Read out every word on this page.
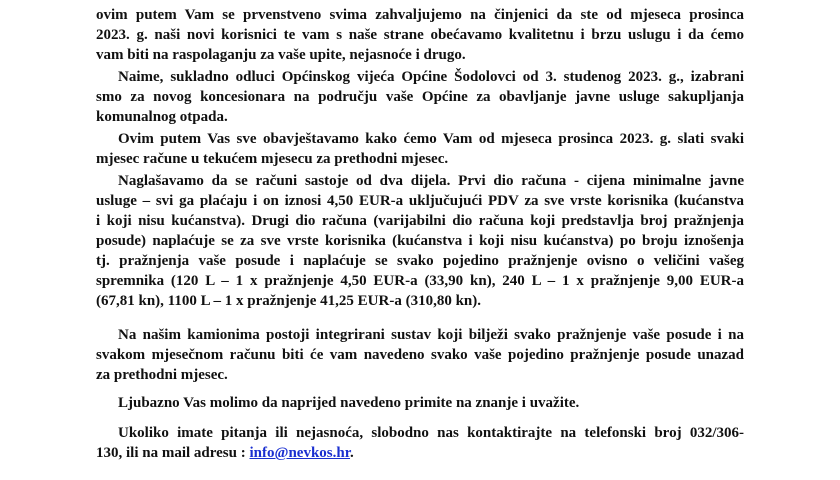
ovim putem Vam se prvenstveno svima zahvaljujemo na činjenici da ste od mjeseca prosinca
2023. g. naši novi korisnici te vam s naše strane obećavamo kvalitetnu i brzu uslugu i da ćemo
vam biti na raspolaganju za vaše upite, nejasnoće i drugo.
Naime, sukladno odluci Općinskog vijeća Općine Šodolovci od 3. studenog 2023. g., izabrani
smo za novog koncesionara na području vaše Općine za obavljanje javne usluge sakupljanja
komunalnog otpada.
Ovim putem Vas sve obavještavamo kako ćemo Vam od mjeseca prosinca 2023. g. slati svaki
mjesec račune u tekućem mjesecu za prethodni mjesec.
Naglašavamo da se računi sastoje od dva dijela. Prvi dio računa - cijena minimalne javne
usluge – svi ga plaćaju i on iznosi 4,50 EUR-a uključujući PDV za sve vrste korisnika (kućanstva
i koji nisu kućanstva). Drugi dio računa (varijabilni dio računa koji predstavlja broj pražnjenja
posude) naplaćuje se za sve vrste korisnika (kućanstva i koji nisu kućanstva) po broju iznošenja
tj. pražnjenja vaše posude i naplaćuje se svako pojedino pražnjenje ovisno o veličini vašeg
spremnika (120 L – 1 x pražnjenje 4,50 EUR-a (33,90 kn), 240 L – 1 x pražnjenje 9,00 EUR-a
(67,81 kn), 1100 L – 1 x pražnjenje 41,25 EUR-a (310,80 kn).
Na našim kamionima postoji integrirani sustav koji bilježi svako pražnjenje vaše posude i na
svakom mjesečnom računu biti će vam navedeno svako vaše pojedino pražnjenje posude unazad
za prethodni mjesec.
Ljubazno Vas molimo da naprijed navedeno primite na znanje i uvažite.
Ukoliko imate pitanja ili nejasnoća, slobodno nas kontaktirajte na telefonski broj 032/306-
130, ili na mail adresu : info@nevkos.hr.
